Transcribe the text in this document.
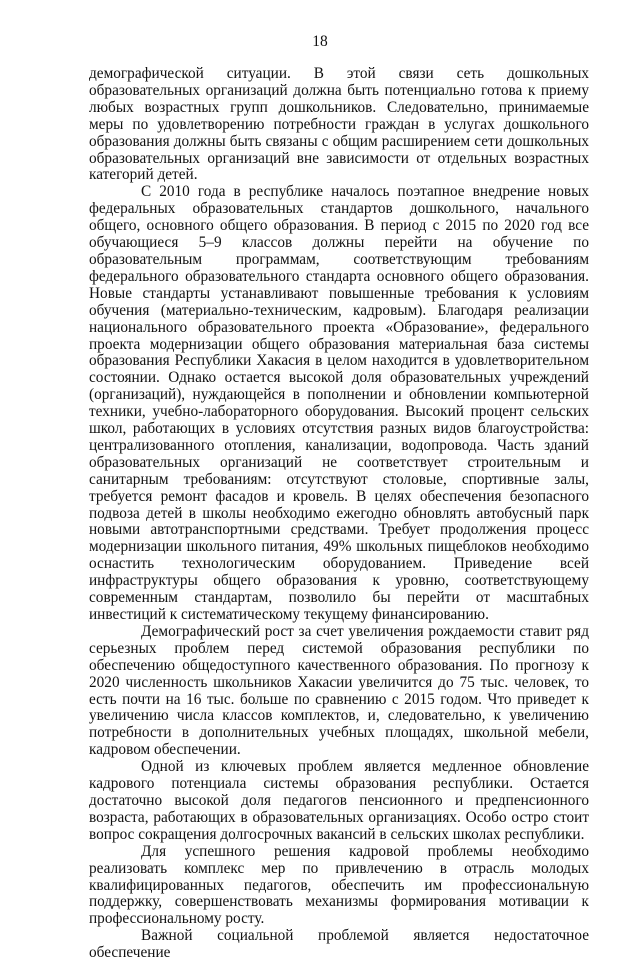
18

демографической ситуации. В этой связи сеть дошкольных образовательных организаций должна быть потенциально готова к приему любых возрастных групп дошкольников. Следовательно, принимаемые меры по удовлетворению потребности граждан в услугах дошкольного образования должны быть связаны с общим расширением сети дошкольных образовательных организаций вне зависимости от отдельных возрастных категорий детей.

С 2010 года в республике началось поэтапное внедрение новых федеральных образовательных стандартов дошкольного, начального общего, основного общего образования. В период с 2015 по 2020 год все обучающиеся 5–9 классов должны перейти на обучение по образовательным программам, соответствующим требованиям федерального образовательного стандарта основного общего образования. Новые стандарты устанавливают повышенные требования к условиям обучения (материально-техническим, кадровым). Благодаря реализации национального образовательного проекта «Образование», федерального проекта модернизации общего образования материальная база системы образования Республики Хакасия в целом находится в удовлетворительном состоянии. Однако остается высокой доля образовательных учреждений (организаций), нуждающейся в пополнении и обновлении компьютерной техники, учебно-лабораторного оборудования. Высокий процент сельских школ, работающих в условиях отсутствия разных видов благоустройства: централизованного отопления, канализации, водопровода. Часть зданий образовательных организаций не соответствует строительным и санитарным требованиям: отсутствуют столовые, спортивные залы, требуется ремонт фасадов и кровель. В целях обеспечения безопасного подвоза детей в школы необходимо ежегодно обновлять автобусный парк новыми автотранспортными средствами. Требует продолжения процесс модернизации школьного питания, 49% школьных пищеблоков необходимо оснастить технологическим оборудованием. Приведение всей инфраструктуры общего образования к уровню, соответствующему современным стандартам, позволило бы перейти от масштабных инвестиций к систематическому текущему финансированию.

Демографический рост за счет увеличения рождаемости ставит ряд серьезных проблем перед системой образования республики по обеспечению общедоступного качественного образования. По прогнозу к 2020 численность школьников Хакасии увеличится до 75 тыс. человек, то есть почти на 16 тыс. больше по сравнению с 2015 годом. Что приведет к увеличению числа классов комплектов, и, следовательно, к увеличению потребности в дополнительных учебных площадях, школьной мебели, кадровом обеспечении.

Одной из ключевых проблем является медленное обновление кадрового потенциала системы образования республики. Остается достаточно высокой доля педагогов пенсионного и предпенсионного возраста, работающих в образовательных организациях. Особо остро стоит вопрос сокращения долгосрочных вакансий в сельских школах республики.

Для успешного решения кадровой проблемы необходимо реализовать комплекс мер по привлечению в отрасль молодых квалифицированных педагогов, обеспечить им профессиональную поддержку, совершенствовать механизмы формирования мотивации к профессиональному росту.

Важной социальной проблемой является недостаточное обеспечение
